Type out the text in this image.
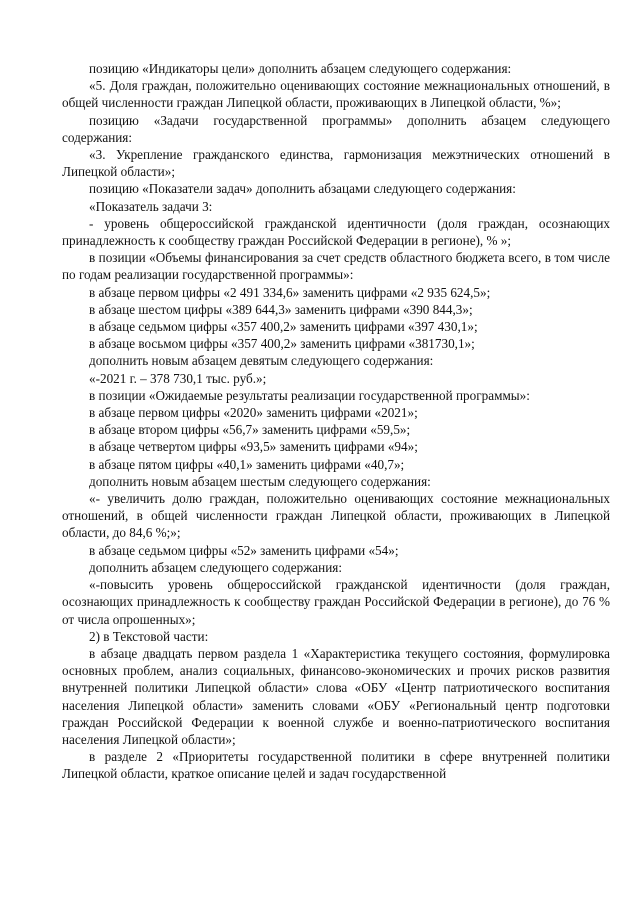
позицию «Индикаторы цели» дополнить абзацем следующего содержания:

«5. Доля граждан, положительно оценивающих состояние межнациональных отношений, в общей численности граждан Липецкой области, проживающих в Липецкой области, %»;

позицию «Задачи государственной программы» дополнить абзацем следующего содержания:

«3. Укрепление гражданского единства, гармонизация межэтнических отношений в Липецкой области»;

позицию «Показатели задач» дополнить абзацами следующего содержания:

«Показатель задачи 3:

- уровень общероссийской гражданской идентичности (доля граждан, осознающих принадлежность к сообществу граждан Российской Федерации в регионе), % »;

в позиции «Объемы финансирования за счет средств областного бюджета всего, в том числе по годам реализации государственной программы»:

в абзаце первом цифры «2 491 334,6» заменить цифрами «2 935 624,5»;

в абзаце шестом цифры «389 644,3» заменить цифрами «390 844,3»;

в абзаце седьмом цифры «357 400,2» заменить цифрами «397 430,1»;

в абзаце восьмом цифры «357 400,2» заменить цифрами «381730,1»;

дополнить новым абзацем девятым следующего содержания:

«-2021 г. – 378 730,1 тыс. руб.»;

в позиции «Ожидаемые результаты реализации государственной программы»:

в абзаце первом цифры «2020» заменить цифрами «2021»;

в абзаце втором цифры «56,7» заменить цифрами «59,5»;

в абзаце четвертом цифры «93,5» заменить цифрами «94»;

в абзаце пятом цифры «40,1» заменить цифрами «40,7»;

дополнить новым абзацем шестым следующего содержания:

«- увеличить долю граждан, положительно оценивающих состояние межнациональных отношений, в общей численности граждан Липецкой области, проживающих в Липецкой области, до 84,6 %;»;

в абзаце седьмом цифры «52» заменить цифрами «54»;

дополнить абзацем следующего содержания:

«-повысить уровень общероссийской гражданской идентичности (доля граждан, осознающих принадлежность к сообществу граждан Российской Федерации в регионе), до 76 % от числа опрошенных»;

2) в Текстовой части:

в абзаце двадцать первом раздела 1 «Характеристика текущего состояния, формулировка основных проблем, анализ социальных, финансово-экономических и прочих рисков развития внутренней политики Липецкой области» слова «ОБУ «Центр патриотического воспитания населения Липецкой области» заменить словами «ОБУ «Региональный центр подготовки граждан Российской Федерации к военной службе и военно-патриотического воспитания населения Липецкой области»;

в разделе 2 «Приоритеты государственной политики в сфере внутренней политики Липецкой области, краткое описание целей и задач государственной
